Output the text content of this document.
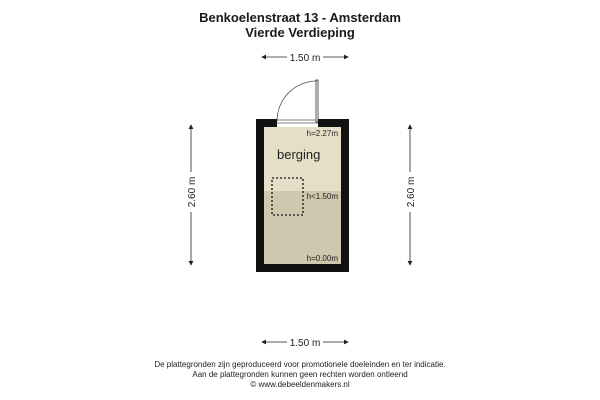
Benkoelenstraat 13 - Amsterdam
Vierde Verdieping
1.50 m
1.50 m
2.60 m	2.60 m
berging
h=2.27m
h<1.50m
h=0.00m
De plattegronden zijn geproduceerd voor promotionele doeleinden en ter indicatie.
Aan de plattegronden kunnen geen rechten worden ontleend
© www.debeeldenmakers.nl
